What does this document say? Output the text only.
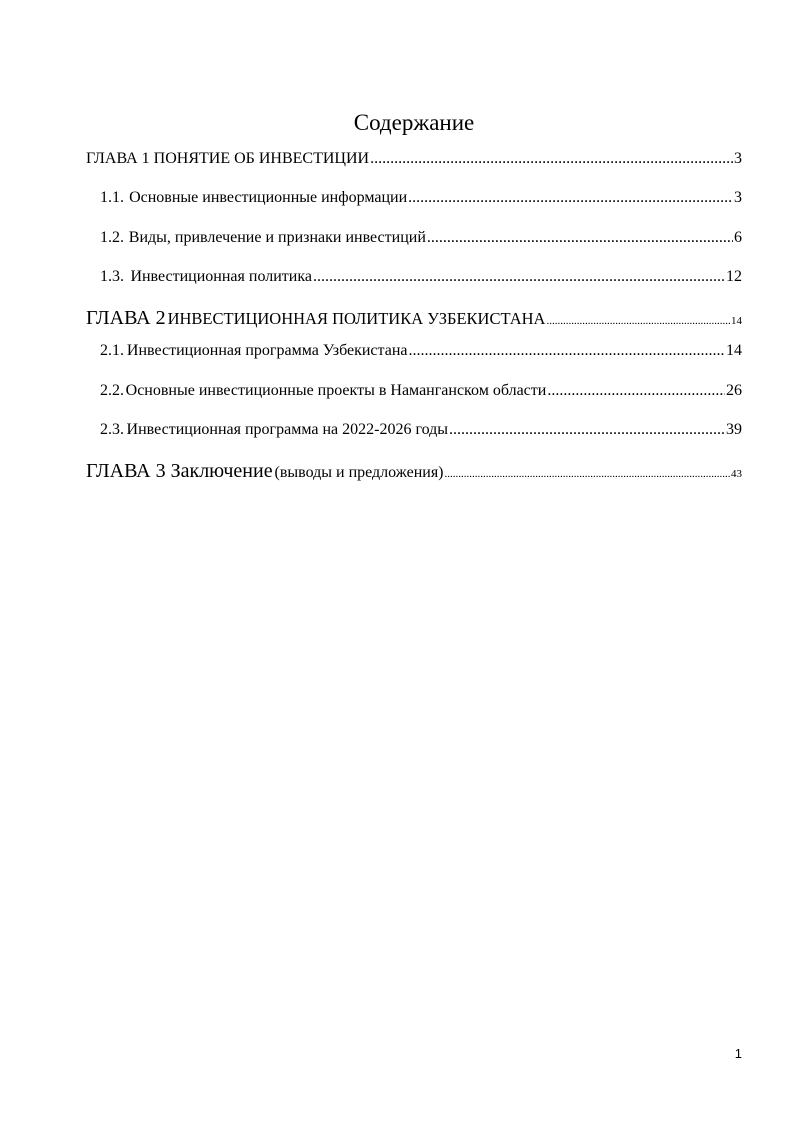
Содержание
ГЛАВА 1 ПОНЯТИЕ ОБ ИНВЕСТИЦИИ .....	3
1.1. Основные инвестиционные информации .....	3
1.2. Виды, привлечение и признаки инвестиций .....	6
1.3. Инвестиционная политика .....	12
ГЛАВА 2 ИНВЕСТИЦИОННАЯ ПОЛИТИКА УЗБЕКИСТАНА .....	14
2.1. Инвестиционная программа Узбекистана .....	14
2.2. Основные инвестиционные проекты в Наманганском области .....	26
2.3. Инвестиционная программа на 2022-2026 годы .....	39
ГЛАВА 3 Заключение (выводы и предложения) .....	43
1
